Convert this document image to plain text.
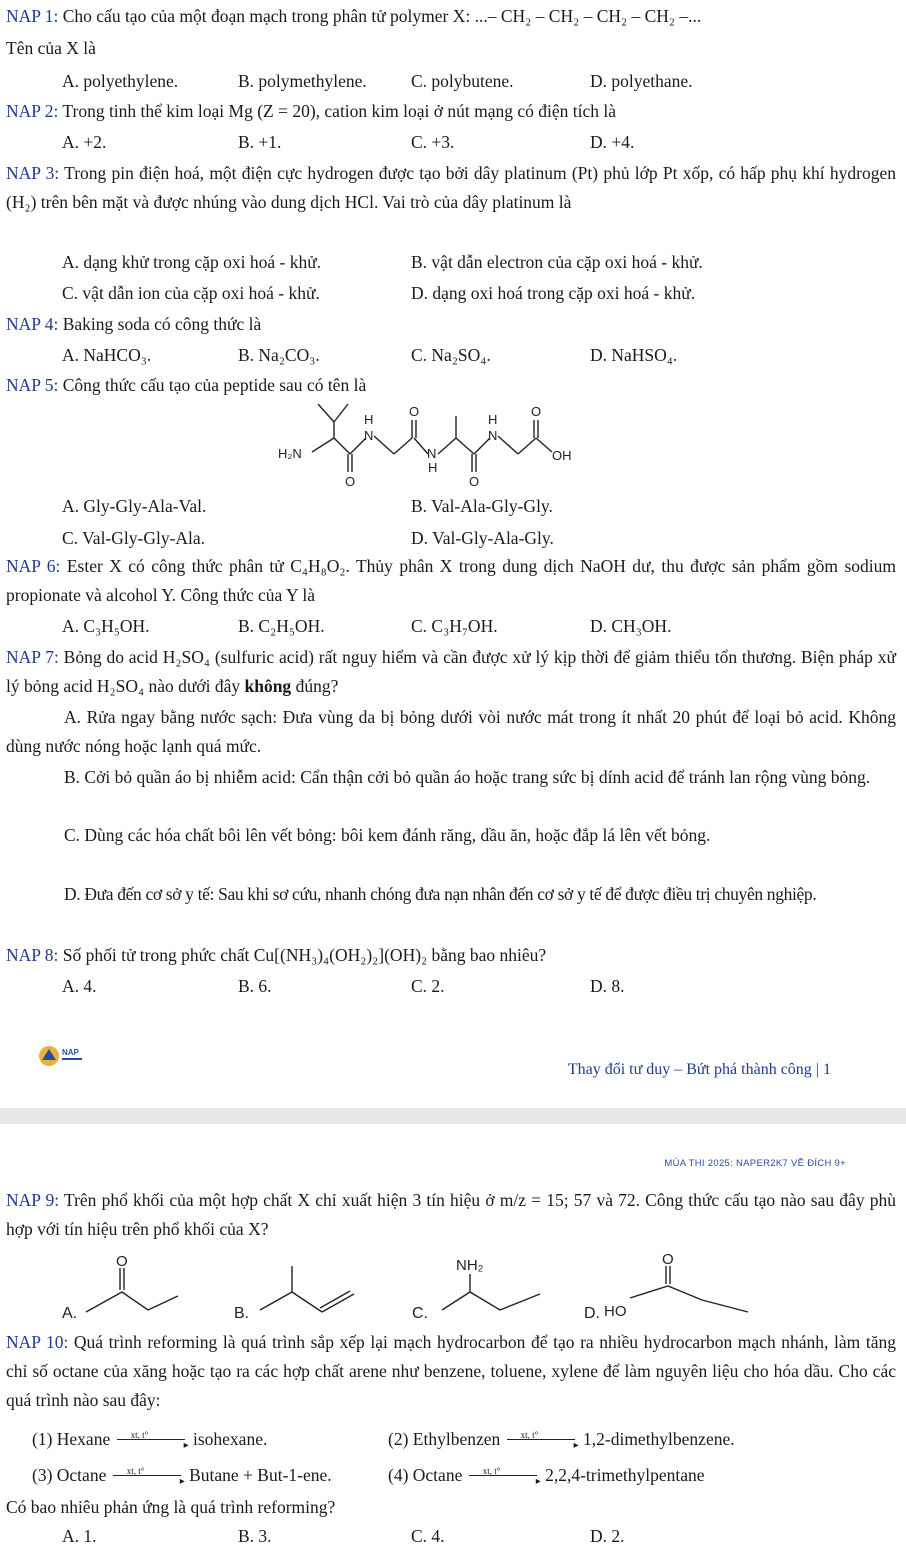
NAP 1: Cho cấu tạo của một đoạn mạch trong phân tử polymer X: ...– CH₂ – CH₂ – CH₂ – CH₂ –...
Tên của X là
A. polyethylene.	B. polymethylene.	C. polybutene.	D. polyethane.
NAP 2: Trong tinh thể kim loại Mg (Z = 20), cation kim loại ở nút mạng có điện tích là
A. +2.	B. +1.	C. +3.	D. +4.
NAP 3: Trong pin điện hoá, một điện cực hydrogen được tạo bởi dây platinum (Pt) phủ lớp Pt xốp, có hấp phụ khí hydrogen (H₂) trên bên mặt và được nhúng vào dung dịch HCl. Vai trò của dây platinum là
A. dạng khử trong cặp oxi hoá - khử.	B. vật dẫn electron của cặp oxi hoá - khử.
C. vật dẫn ion của cặp oxi hoá - khử.	D. dạng oxi hoá trong cặp oxi hoá - khử.
NAP 4: Baking soda có công thức là
A. NaHCO₃.	B. Na₂CO₃.	C. Na₂SO₄.	D. NaHSO₄.
NAP 5: Công thức cấu tạo của peptide sau có tên là
H₂N
H
N
O
O
N
H
O
H
N
O
OH
A. Gly-Gly-Ala-Val.	B. Val-Ala-Gly-Gly.
C. Val-Gly-Gly-Ala.	D. Val-Gly-Ala-Gly.
NAP 6: Ester X có công thức phân tử C₄H₈O₂. Thủy phân X trong dung dịch NaOH dư, thu được sản phẩm gồm sodium propionate và alcohol Y. Công thức của Y là
A. C₃H₅OH.	B. C₂H₅OH.	C. C₃H₇OH.	D. CH₃OH.
NAP 7: Bỏng do acid H₂SO₄ (sulfuric acid) rất nguy hiểm và cần được xử lý kịp thời để giảm thiểu tổn thương. Biện pháp xử lý bỏng acid H₂SO₄ nào dưới đây không đúng?
A. Rửa ngay bằng nước sạch: Đưa vùng da bị bỏng dưới vòi nước mát trong ít nhất 20 phút để loại bỏ acid. Không dùng nước nóng hoặc lạnh quá mức.
B. Cởi bỏ quần áo bị nhiễm acid: Cẩn thận cởi bỏ quần áo hoặc trang sức bị dính acid để tránh lan rộng vùng bỏng.
C. Dùng các hóa chất bôi lên vết bỏng: bôi kem đánh răng, dầu ăn, hoặc đắp lá lên vết bỏng.
D. Đưa đến cơ sở y tế: Sau khi sơ cứu, nhanh chóng đưa nạn nhân đến cơ sở y tế để được điều trị chuyên nghiệp.
NAP 8: Số phối tử trong phức chất Cu[(NH₃)₄(OH₂)₂](OH)₂ bằng bao nhiêu?
A. 4.	B. 6.	C. 2.	D. 8.
NAP
Thay đổi tư duy – Bứt phá thành công | 1
MÙA THI 2025: NAPER2K7 VỀ ĐÍCH 9+
NAP 9: Trên phổ khối của một hợp chất X chỉ xuất hiện 3 tín hiệu ở m/z = 15; 57 và 72. Công thức cấu tạo nào sau đây phù hợp với tín hiệu trên phổ khối của X?
A.	B.	C.	D.
O	NH₂	O
HO
NAP 10: Quá trình reforming là quá trình sắp xếp lại mạch hydrocarbon để tạo ra nhiều hydrocarbon mạch nhánh, làm tăng chỉ số octane của xăng hoặc tạo ra các hợp chất arene như benzene, toluene, xylene để làm nguyên liệu cho hóa dầu. Cho các quá trình nào sau đây:
(1) Hexane xt, t°
▸ isohexane.	(2) Ethylbenzen xt, t°
▸ 1,2-dimethylbenzene.
(3) Octane xt, t°
▸ Butane + But-1-ene.	(4) Octane xt, t°
▸ 2,2,4-trimethylpentane
Có bao nhiêu phản ứng là quá trình reforming?
A. 1.	B. 3.	C. 4.	D. 2.
